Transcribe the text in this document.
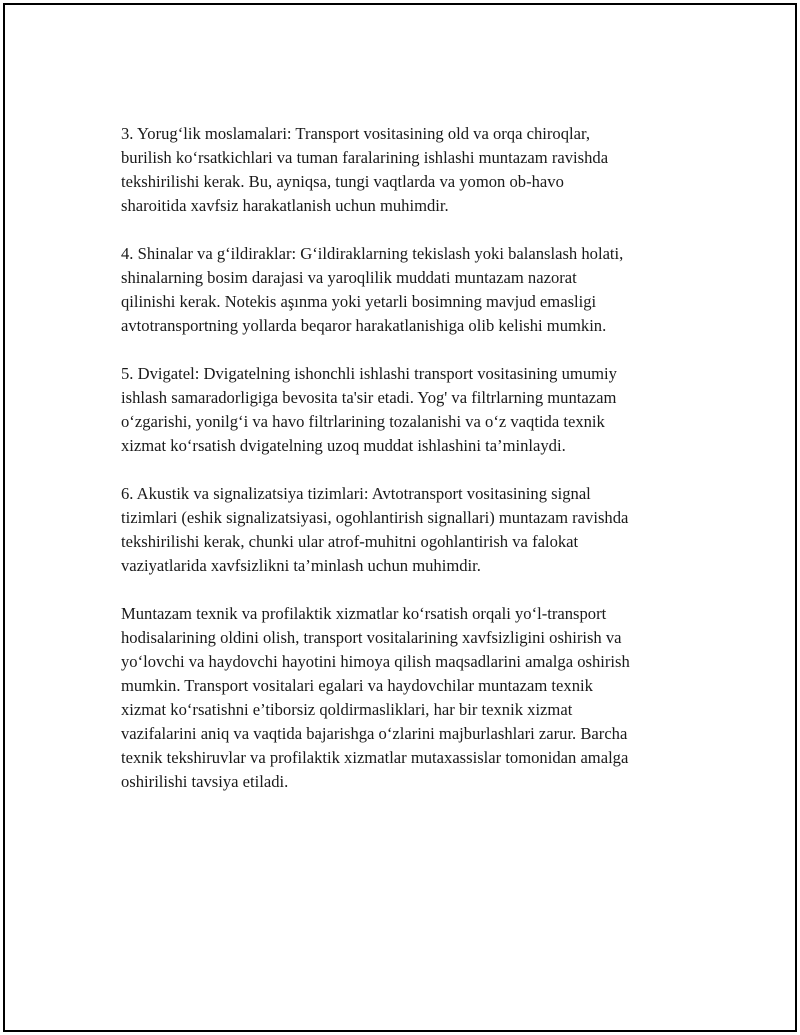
3. Yorug‘lik moslamalari: Transport vositasining old va orqa chiroqlar,
burilish ko‘rsatkichlari va tuman faralarining ishlashi muntazam ravishda
tekshirilishi kerak. Bu, ayniqsa, tungi vaqtlarda va yomon ob-havo
sharoitida xavfsiz harakatlanish uchun muhimdir.

4. Shinalar va g‘ildiraklar: G‘ildiraklarning tekislash yoki balanslash holati,
shinalarning bosim darajasi va yaroqlilik muddati muntazam nazorat
qilinishi kerak. Notekis aşınma yoki yetarli bosimning mavjud emasligi
avtotransportning yollarda beqaror harakatlanishiga olib kelishi mumkin.

5. Dvigatel: Dvigatelning ishonchli ishlashi transport vositasining umumiy
ishlash samaradorligiga bevosita ta'sir etadi. Yog' va filtrlarning muntazam
o‘zgarishi, yonilg‘i va havo filtrlarining tozalanishi va o‘z vaqtida texnik
xizmat ko‘rsatish dvigatelning uzoq muddat ishlashini ta’minlaydi.

6. Akustik va signalizatsiya tizimlari: Avtotransport vositasining signal
tizimlari (eshik signalizatsiyasi, ogohlantirish signallari) muntazam ravishda
tekshirilishi kerak, chunki ular atrof-muhitni ogohlantirish va falokat
vaziyatlarida xavfsizlikni ta’minlash uchun muhimdir.

Muntazam texnik va profilaktik xizmatlar ko‘rsatish orqali yo‘l-transport
hodisalarining oldini olish, transport vositalarining xavfsizligini oshirish va
yo‘lovchi va haydovchi hayotini himoya qilish maqsadlarini amalga oshirish
mumkin. Transport vositalari egalari va haydovchilar muntazam texnik
xizmat ko‘rsatishni e’tiborsiz qoldirmasliklari, har bir texnik xizmat
vazifalarini aniq va vaqtida bajarishga o‘zlarini majburlashlari zarur. Barcha
texnik tekshiruvlar va profilaktik xizmatlar mutaxassislar tomonidan amalga
oshirilishi tavsiya etiladi.
